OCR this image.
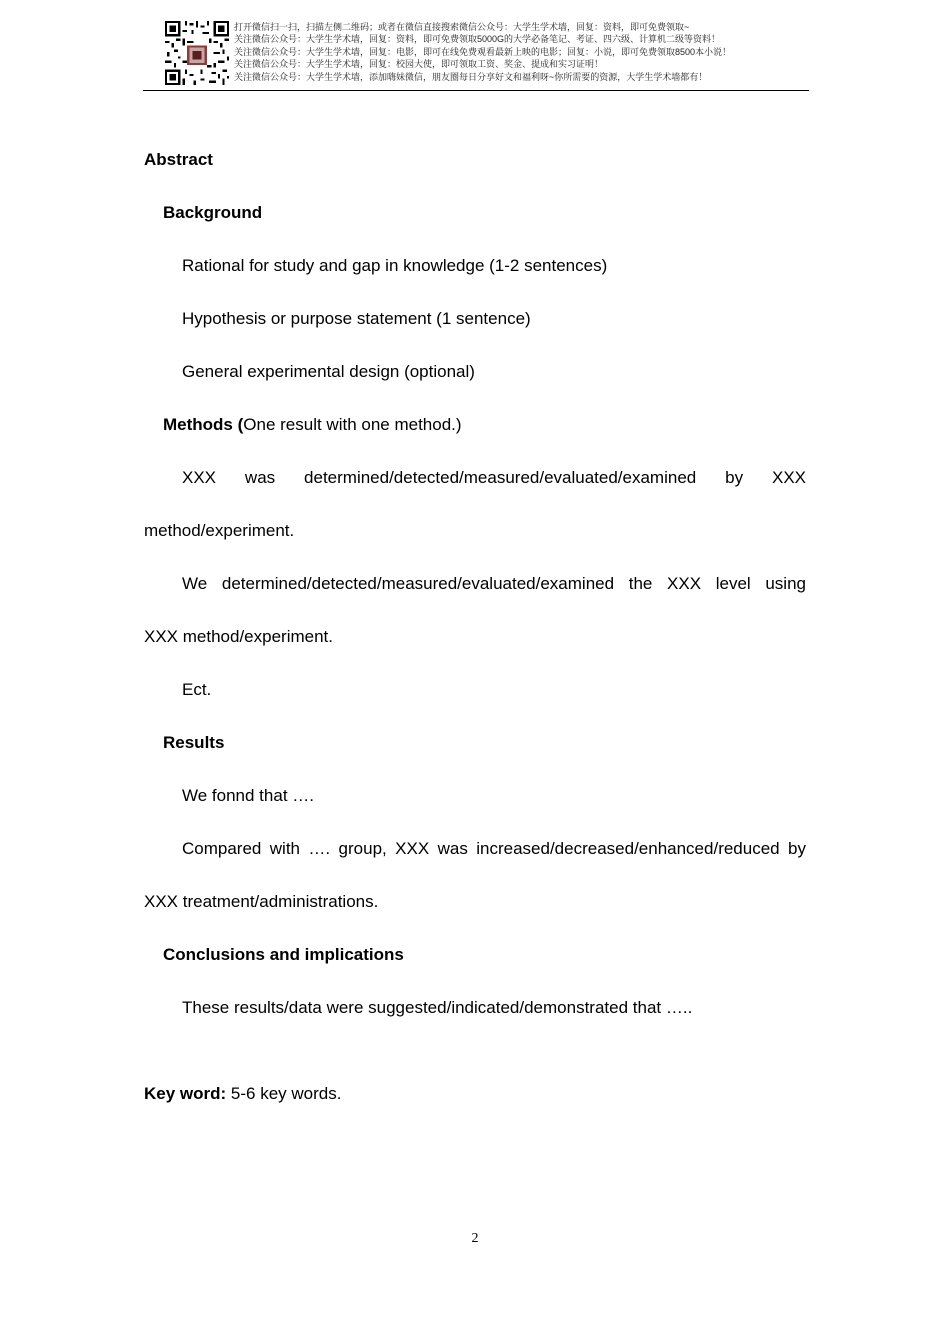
打开微信扫一扫，扫描左侧二维码；或者在微信直接搜索微信公众号：大学生学术墙，回复：资料，即可免费领取~
关注微信公众号：大学生学术墙，回复：资料，即可免费领取5000G的大学必备笔记、考证、四六级、计算机二级等资料！
关注微信公众号：大学生学术墙，回复：电影，即可在线免费观看最新上映的电影；回复：小说，即可免费领取8500本小说！
关注微信公众号：大学生学术墙，回复：校园大使，即可领取工资、奖金、提成和实习证明！
关注微信公众号：大学生学术墙，添加嗨妹微信，朋友圈每日分享好文和福利呀~你所需要的资源，大学生学术墙都有！
Abstract
Background
Rational for study and gap in knowledge (1-2 sentences)
Hypothesis or purpose statement (1 sentence)
General experimental design (optional)
Methods (One result with one method.)
XXX was determined/detected/measured/evaluated/examined by XXX
method/experiment.
We determined/detected/measured/evaluated/examined the XXX level using
XXX method/experiment.
Ect.
Results
We fonnd that ….
Compared with …. group, XXX was increased/decreased/enhanced/reduced by
XXX treatment/administrations.
Conclusions and implications
These results/data were suggested/indicated/demonstrated that …..
Key word: 5-6 key words.
2
